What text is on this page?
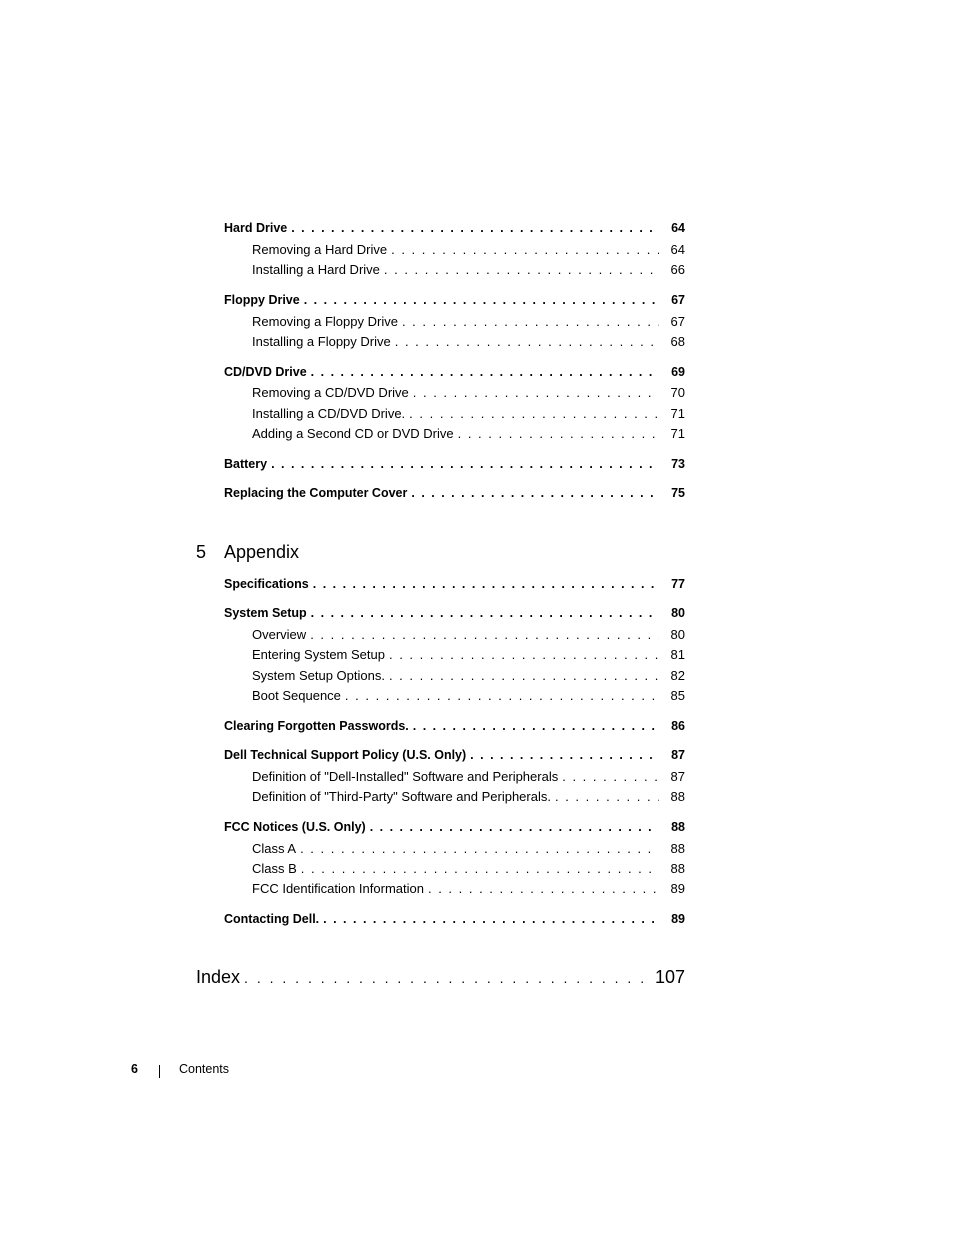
Hard Drive . . .	64
Removing a Hard Drive . . .	64
Installing a Hard Drive . . .	66
Floppy Drive . . .	67
Removing a Floppy Drive . . .	67
Installing a Floppy Drive . . .	68
CD/DVD Drive . . .	69
Removing a CD/DVD Drive . . .	70
Installing a CD/DVD Drive. . . .	71
Adding a Second CD or DVD Drive . . .	71
Battery . . .	73
Replacing the Computer Cover . . .	75
5 Appendix
Specifications . . .	77
System Setup . . .	80
Overview . . .	80
Entering System Setup . . .	81
System Setup Options. . . .	82
Boot Sequence . . .	85
Clearing Forgotten Passwords. . . .	86
Dell Technical Support Policy (U.S. Only) . . .	87
Definition of "Dell-Installed" Software and Peripherals . . .	87
Definition of "Third-Party" Software and Peripherals. . . .	88
FCC Notices (U.S. Only) . . .	88
Class A . . .	88
Class B . . .	88
FCC Identification Information . . .	89
Contacting Dell. . . .	89
Index . . .	107
6	Contents
